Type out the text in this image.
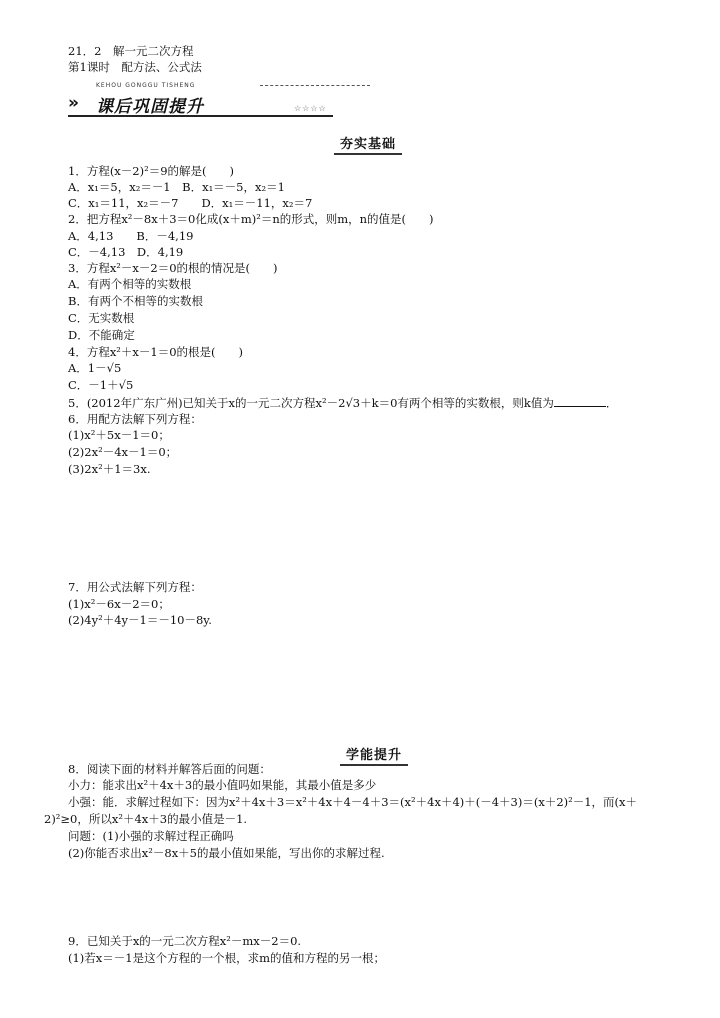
21．2　解一元二次方程
第1课时　配方法、公式法
»
KEHOU GONGGU TISHENG
课后巩固提升	☆☆☆☆
夯实基础
1．方程(x－2)²＝9的解是(　　)
A．x₁＝5，x₂＝－1　B．x₁＝－5，x₂＝1
C．x₁＝11，x₂＝－7　　D．x₁＝－11，x₂＝7
2．把方程x²－8x＋3＝0化成(x＋m)²＝n的形式，则m，n的值是(　　)
A．4,13　　B．－4,19
C．－4,13　D．4,19
3．方程x²－x－2＝0的根的情况是(　　)
A．有两个相等的实数根
B．有两个不相等的实数根
C．无实数根
D．不能确定
4．方程x²＋x－1＝0的根是(　　)
A．1－√5
C．－1＋√5
5．(2012年广东广州)已知关于x的一元二次方程x²－2√3＋k＝0有两个相等的实数根，则k值为	．
6．用配方法解下列方程：
(1)x²＋5x－1＝0；
(2)2x²－4x－1＝0；
(3)2x²＋1＝3x.
7．用公式法解下列方程：
(1)x²－6x－2＝0；
(2)4y²＋4y－1＝－10－8y.
学能提升
8．阅读下面的材料并解答后面的问题：
小力：能求出x²＋4x＋3的最小值吗如果能，其最小值是多少
小强：能．求解过程如下：因为x²＋4x＋3＝x²＋4x＋4－4＋3＝(x²＋4x＋4)＋(－4＋3)＝(x＋2)²－1，而(x＋
2)²≥0，所以x²＋4x＋3的最小值是－1.
问题：(1)小强的求解过程正确吗
(2)你能否求出x²－8x＋5的最小值如果能，写出你的求解过程.
9．已知关于x的一元二次方程x²－mx－2＝0.
(1)若x＝－1是这个方程的一个根，求m的值和方程的另一根；
